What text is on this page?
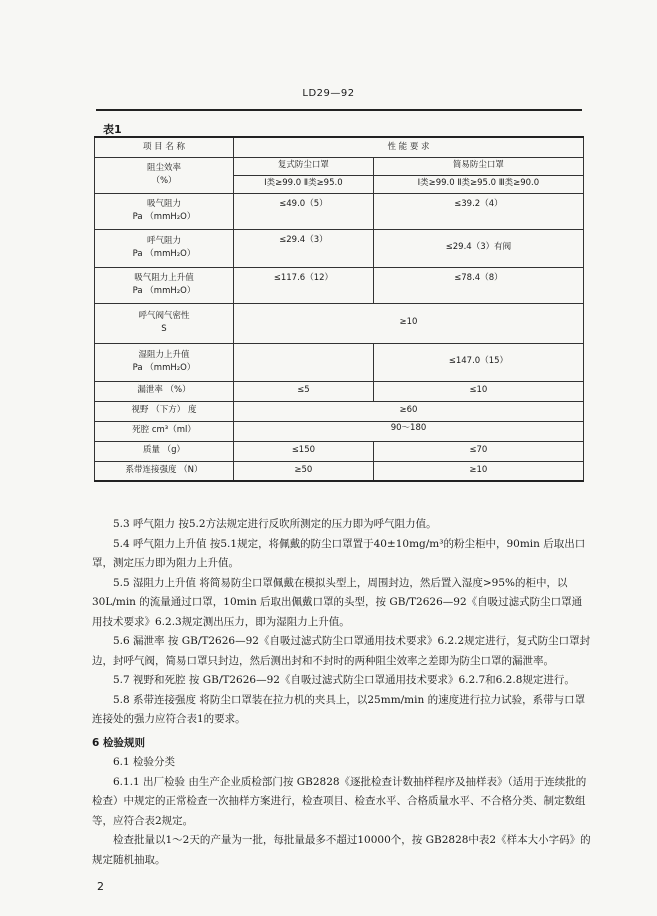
LD29—92
表1
项 目 名 称	性 能 要 求	

阻尘效率
（%）	复式防尘口罩	简易防尘口罩
	Ⅰ类≥99.0 Ⅱ类≥95.0	Ⅰ类≥99.0 Ⅱ类≥95.0 Ⅲ类≥90.0

吸气阻力
Pa （mmH₂O）	≤49.0（5）	≤39.2（4）

呼气阻力
Pa （mmH₂O）	≤29.4（3）	≤29.4（3）有阀

吸气阻力上升值
Pa （mmH₂O）	≤117.6（12）	≤78.4（8）

呼气阀气密性
S	≥10	

湿阻力上升值
Pa （mmH₂O）		≤147.0（15）
漏泄率 （%）	≤5	≤10
视野 （下方） 度	≥60	
死腔 cm³（ml）	90～180	
质量 （g）	≤150	≤70
系带连接强度 （N）	≥50	≥10

5.3 呼气阻力 按5.2方法规定进行反吹所测定的压力即为呼气阻力值。

5.4 呼气阻力上升值 按5.1规定，将佩戴的防尘口罩置于40±10mg/m³的粉尘柜中，90min 后取出口罩，测定压力即为阻力上升值。

5.5 湿阻力上升值 将简易防尘口罩佩戴在模拟头型上，周围封边，然后置入湿度>95%的柜中，以30L/min 的流量通过口罩，10min 后取出佩戴口罩的头型，按 GB/T2626—92《自吸过滤式防尘口罩通用技术要求》6.2.3规定测出压力，即为湿阻力上升值。

5.6 漏泄率 按 GB/T2626—92《自吸过滤式防尘口罩通用技术要求》6.2.2规定进行，复式防尘口罩封边，封呼气阀，简易口罩只封边，然后测出封和不封时的两种阻尘效率之差即为防尘口罩的漏泄率。

5.7 视野和死腔 按 GB/T2626—92《自吸过滤式防尘口罩通用技术要求》6.2.7和6.2.8规定进行。

5.8 系带连接强度 将防尘口罩装在拉力机的夹具上，以25mm/min 的速度进行拉力试验，系带与口罩连接处的强力应符合表1的要求。

6 检验规则

6.1 检验分类

6.1.1 出厂检验 由生产企业质检部门按 GB2828《逐批检查计数抽样程序及抽样表》（适用于连续批的检查）中规定的正常检查一次抽样方案进行，检查项目、检查水平、合格质量水平、不合格分类、制定数组等，应符合表2规定。

检查批量以1～2天的产量为一批，每批量最多不超过10000个，按 GB2828中表2《样本大小字码》的规定随机抽取。

2
